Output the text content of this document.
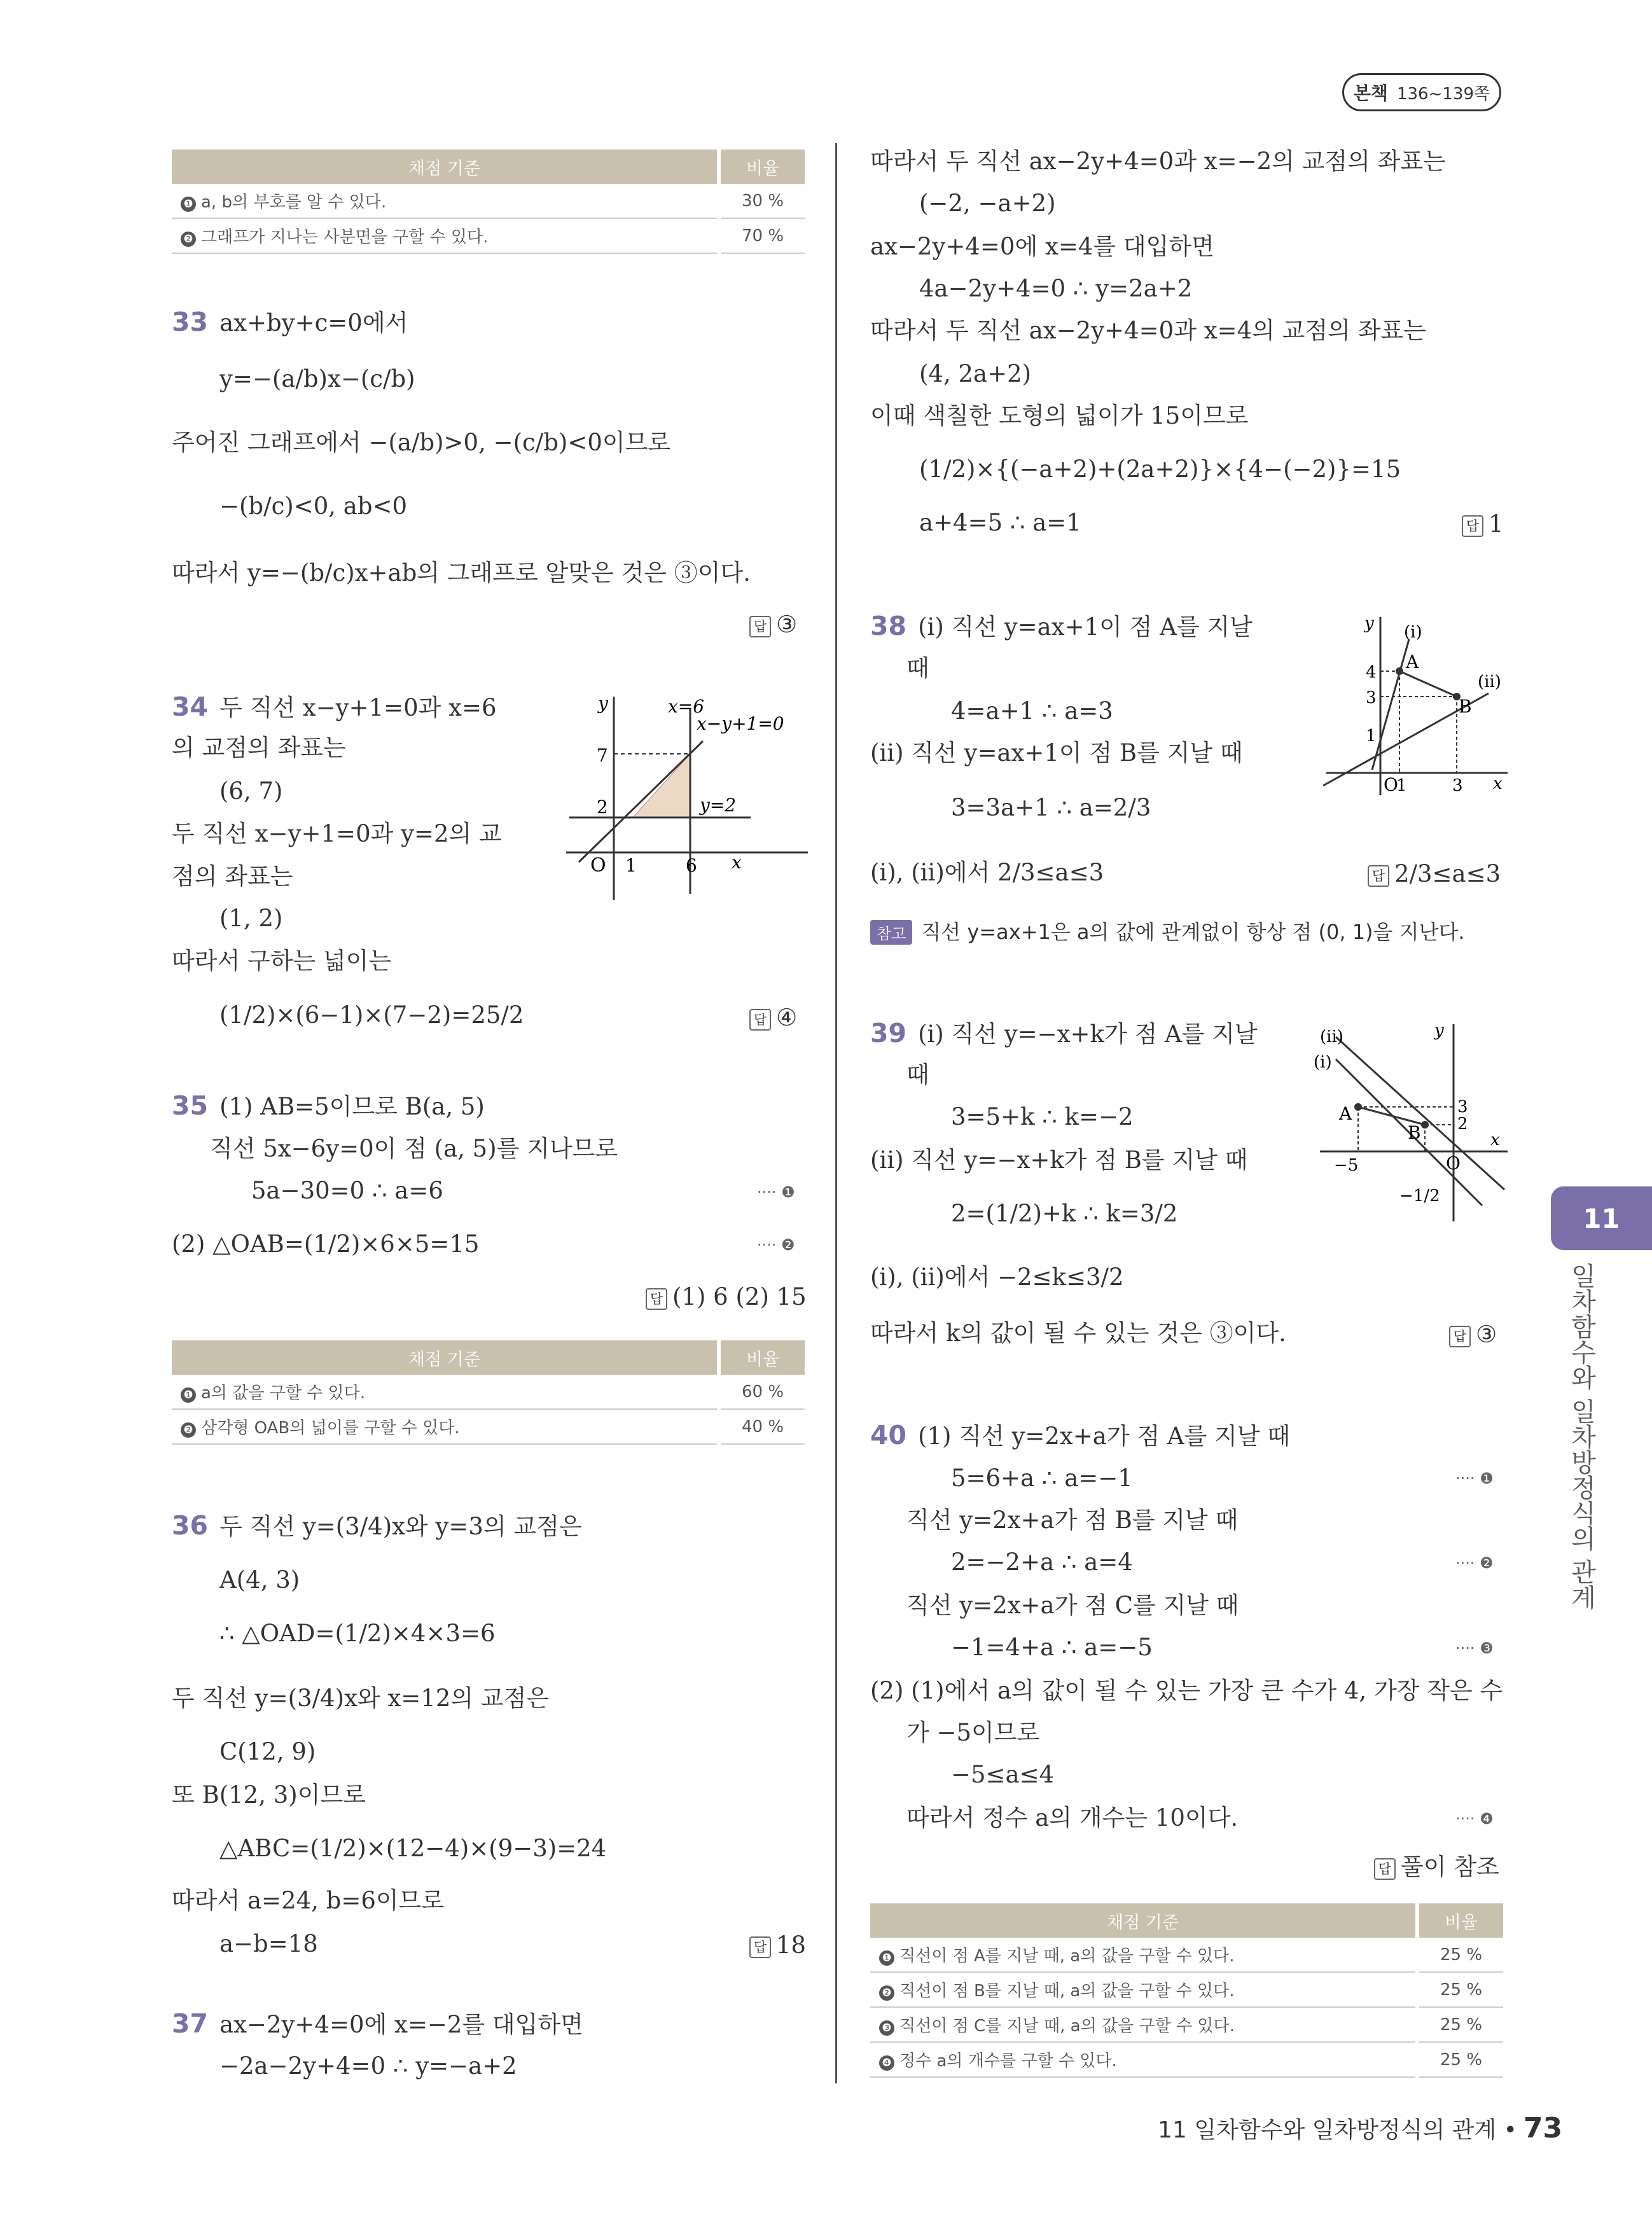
본책 136~139쪽
채점 기준	비율
❶ a, b의 부호를 알 수 있다.	30 %
❷ 그래프가 지나는 사분면을 구할 수 있다.	70 %
33 ax+by+c=0에서
y=−(a/b)x−(c/b)
주어진 그래프에서 −(a/b)>0, −(c/b)<0이므로
−(b/c)<0, ab<0
따라서 y=−(b/c)x+ab의 그래프로 알맞은 것은 ③이다.
답 ③
34 두 직선 x−y+1=0과 x=6
의 교점의 좌표는
(6, 7)
두 직선 x−y+1=0과 y=2의 교
점의 좌표는
(1, 2)
따라서 구하는 넓이는
(1/2)×(6−1)×(7−2)=25/2	답 ④
y
x
O
x=6
x−y+1=0
y=2
7
2
1	6
35 (1) AB=5이므로 B(a, 5)
직선 5x−6y=0이 점 (a, 5)를 지나므로
5a−30=0 ∴ a=6	···· ❶
(2) △OAB=(1/2)×6×5=15	···· ❷
답 (1) 6 (2) 15
채점 기준	비율
❶ a의 값을 구할 수 있다.	60 %
❷ 삼각형 OAB의 넓이를 구할 수 있다.	40 %
36 두 직선 y=(3/4)x와 y=3의 교점은
A(4, 3)
∴ △OAD=(1/2)×4×3=6
두 직선 y=(3/4)x와 x=12의 교점은
C(12, 9)
또 B(12, 3)이므로
△ABC=(1/2)×(12−4)×(9−3)=24
따라서 a=24, b=6이므로
a−b=18	답 18
37 ax−2y+4=0에 x=−2를 대입하면
−2a−2y+4=0 ∴ y=−a+2
따라서 두 직선 ax−2y+4=0과 x=−2의 교점의 좌표는
(−2, −a+2)
ax−2y+4=0에 x=4를 대입하면
4a−2y+4=0 ∴ y=2a+2
따라서 두 직선 ax−2y+4=0과 x=4의 교점의 좌표는
(4, 2a+2)
이때 색칠한 도형의 넓이가 15이므로
(1/2)×{(−a+2)+(2a+2)}×{4−(−2)}=15
a+4=5 ∴ a=1	답 1
38 (i) 직선 y=ax+1이 점 A를 지날
때
4=a+1 ∴ a=3
(ii) 직선 y=ax+1이 점 B를 지날 때
3=3a+1 ∴ a=2/3
(i), (ii)에서 2/3≤a≤3	답 2/3≤a≤3
참고 직선 y=ax+1은 a의 값에 관계없이 항상 점 (0, 1)을 지난다.
y
x
O
(i)
(ii)
A
B
4
3
1
1	3
39 (i) 직선 y=−x+k가 점 A를 지날
때
3=5+k ∴ k=−2
(ii) 직선 y=−x+k가 점 B를 지날 때
2=(1/2)+k ∴ k=3/2
(i), (ii)에서 −2≤k≤3/2
따라서 k의 값이 될 수 있는 것은 ③이다.	답 ③
y
x
O
(i)
(ii)
A
B
3
2
−5
−1/2
40 (1) 직선 y=2x+a가 점 A를 지날 때
5=6+a ∴ a=−1	···· ❶
직선 y=2x+a가 점 B를 지날 때
2=−2+a ∴ a=4	···· ❷
직선 y=2x+a가 점 C를 지날 때
−1=4+a ∴ a=−5	···· ❸
(2) (1)에서 a의 값이 될 수 있는 가장 큰 수가 4, 가장 작은 수
가 −5이므로
−5≤a≤4
따라서 정수 a의 개수는 10이다.	···· ❹
답 풀이 참조
채점 기준	비율
❶ 직선이 점 A를 지날 때, a의 값을 구할 수 있다.	25 %
❷ 직선이 점 B를 지날 때, a의 값을 구할 수 있다.	25 %
❸ 직선이 점 C를 지날 때, a의 값을 구할 수 있다.	25 %
❹ 정수 a의 개수를 구할 수 있다.	25 %
11
일차함수와 일차방정식의 관계
11 일차함수와 일차방정식의 관계 • 73
